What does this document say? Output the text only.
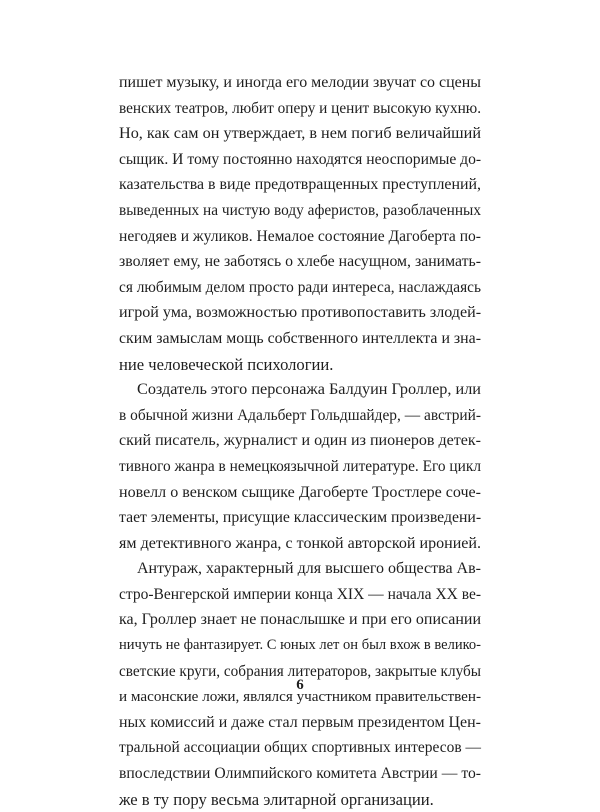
пишет музыку, и иногда его мелодии звучат со сцены
венских театров, любит оперу и ценит высокую кухню.
Но, как сам он утверждает, в нем погиб величайший
сыщик. И тому постоянно находятся неоспоримые до-
казательства в виде предотвращенных преступлений,
выведенных на чистую воду аферистов, разоблаченных
негодяев и жуликов. Немалое состояние Дагоберта по-
зволяет ему, не заботясь о хлебе насущном, занимать-
ся любимым делом просто ради интереса, наслаждаясь
игрой ума, возможностью противопоставить злодей-
ским замыслам мощь собственного интеллекта и зна-
ние человеческой психологии.
Создатель этого персонажа Балдуин Гроллер, или
в обычной жизни Адальберт Гольдшайдер, — австрий-
ский писатель, журналист и один из пионеров детек-
тивного жанра в немецкоязычной литературе. Его цикл
новелл о венском сыщике Дагоберте Тростлере сочe-
тает элементы, присущие классическим произведени-
ям детективного жанра, с тонкой авторской иронией.
Антураж, характерный для высшего общества Ав-
стро-Венгерской империи конца XIX — начала XX ве-
ка, Гроллер знает не понаслышке и при его описании
ничуть не фантазирует. С юных лет он был вхож в велико-
светские круги, собрания литераторов, закрытые клубы
и масонские ложи, являлся участником правительствен-
ных комиссий и даже стал первым президентом Цен-
тральной ассоциации общих спортивных интересов —
впоследствии Олимпийского комитета Австрии — то-
же в ту пору весьма элитарной организации.
6
